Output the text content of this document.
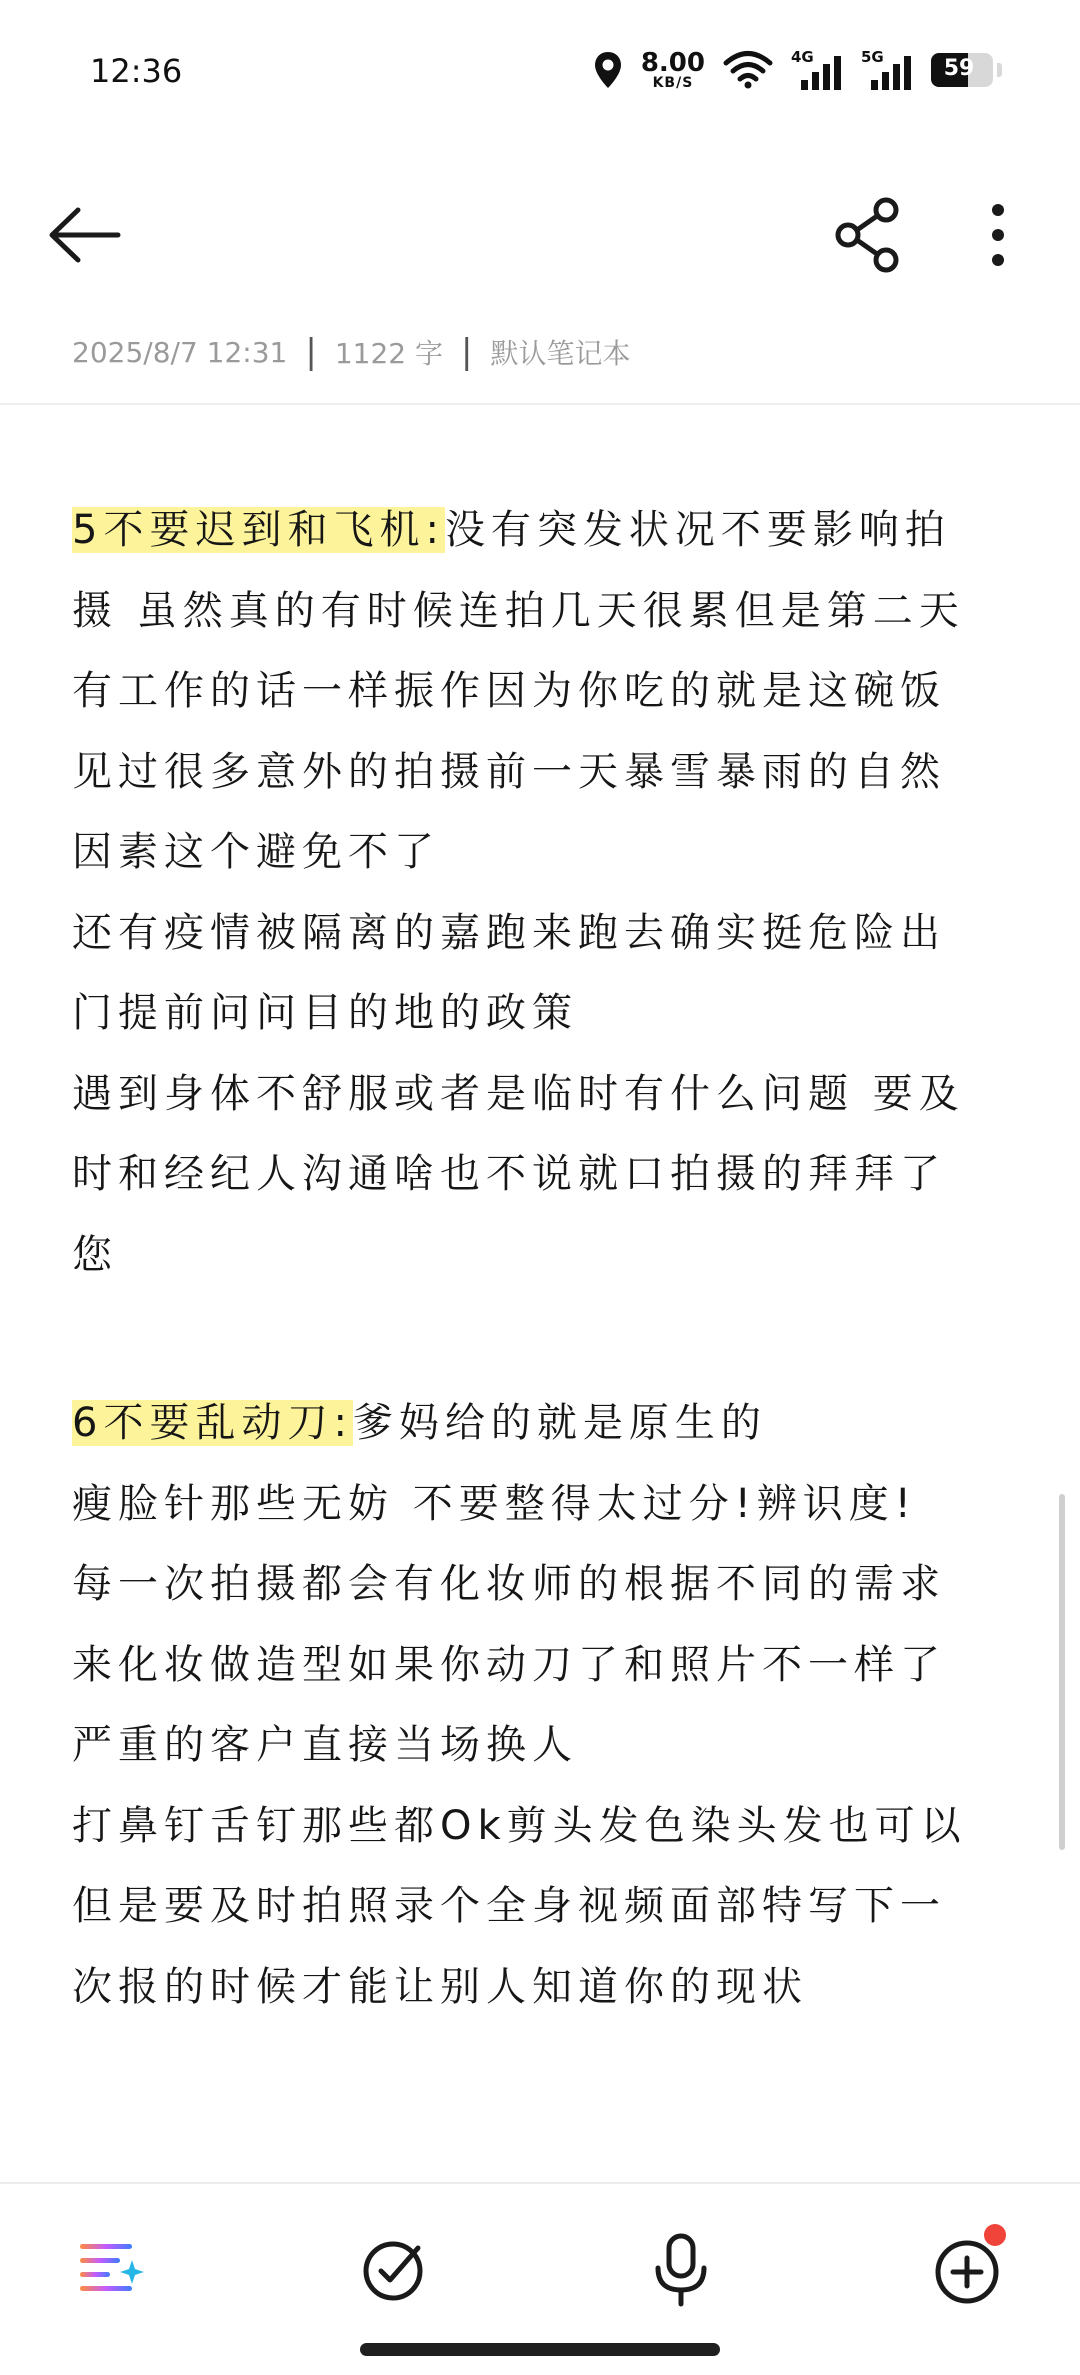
12:36	8.00
KB/S
4G	5G	59
2025/8/7 12:31 | 1122 字 | 默认笔记本
5不要迟到和飞机:没有突发状况不要影响拍
摄 虽然真的有时候连拍几天很累但是第二天
有工作的话一样振作因为你吃的就是这碗饭
见过很多意外的拍摄前一天暴雪暴雨的自然
因素这个避免不了
还有疫情被隔离的嘉跑来跑去确实挺危险出
门提前问问目的地的政策
遇到身体不舒服或者是临时有什么问题 要及
时和经纪人沟通啥也不说就口拍摄的拜拜了
您
6不要乱动刀:爹妈给的就是原生的
瘦脸针那些无妨 不要整得太过分!辨识度!
每一次拍摄都会有化妆师的根据不同的需求
来化妆做造型如果你动刀了和照片不一样了
严重的客户直接当场换人
打鼻钉舌钉那些都Ok剪头发色染头发也可以
但是要及时拍照录个全身视频面部特写下一
次报的时候才能让别人知道你的现状
